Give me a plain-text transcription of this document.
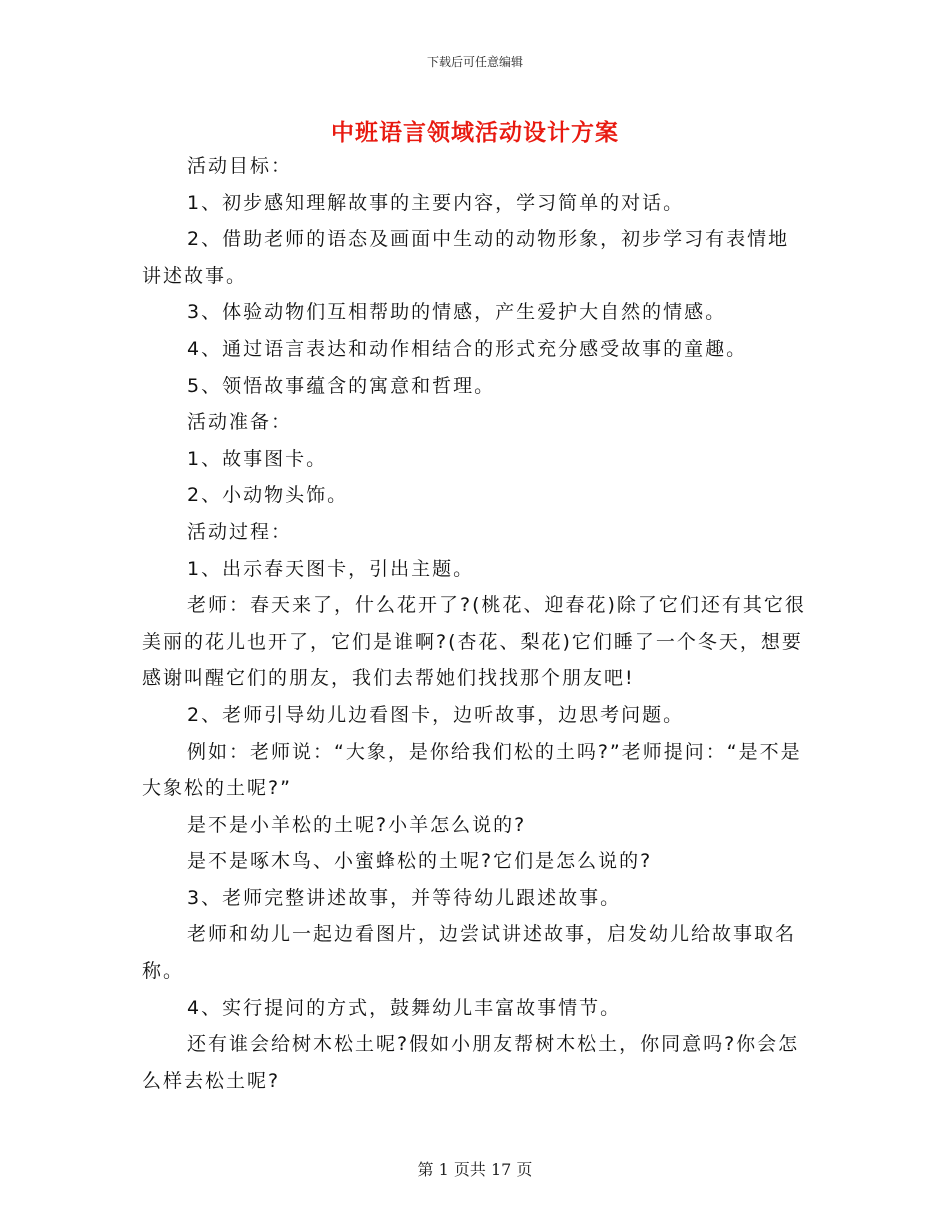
下载后可任意编辑
中班语言领域活动设计方案

活动目标：

1、初步感知理解故事的主要内容，学习简单的对话。

2、借助老师的语态及画面中生动的动物形象，初步学习有表情地讲述故事。

3、体验动物们互相帮助的情感，产生爱护大自然的情感。

4、通过语言表达和动作相结合的形式充分感受故事的童趣。

5、领悟故事蕴含的寓意和哲理。

活动准备：

1、故事图卡。

2、小动物头饰。

活动过程：

1、出示春天图卡，引出主题。

老师：春天来了，什么花开了?(桃花、迎春花)除了它们还有其它很美丽的花儿也开了，它们是谁啊?(杏花、梨花)它们睡了一个冬天，想要感谢叫醒它们的朋友，我们去帮她们找找那个朋友吧!

2、老师引导幼儿边看图卡，边听故事，边思考问题。

例如：老师说：“大象，是你给我们松的土吗?”老师提问：“是不是大象松的土呢?”

是不是小羊松的土呢?小羊怎么说的?

是不是啄木鸟、小蜜蜂松的土呢?它们是怎么说的?

3、老师完整讲述故事，并等待幼儿跟述故事。

老师和幼儿一起边看图片，边尝试讲述故事，启发幼儿给故事取名称。

4、实行提问的方式，鼓舞幼儿丰富故事情节。

还有谁会给树木松土呢?假如小朋友帮树木松土，你同意吗?你会怎么样去松土呢?

第 1 页共 17 页
